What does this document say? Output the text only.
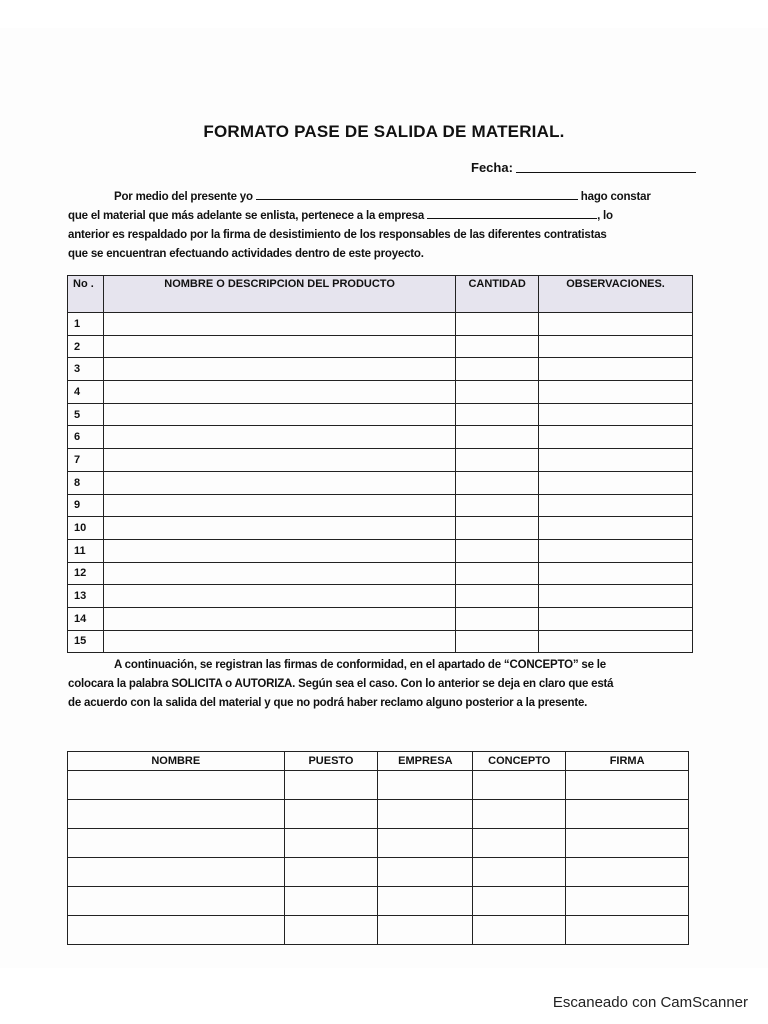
FORMATO PASE DE SALIDA DE MATERIAL.
Fecha:
Por medio del presente yo	hago constar
que el material que más adelante se enlista, pertenece a la empresa	, lo
anterior es respaldado por la firma de desistimiento de los responsables de las diferentes contratistas
que se encuentran efectuando actividades dentro de este proyecto.
No .	NOMBRE O DESCRIPCION DEL PRODUCTO	CANTIDAD	OBSERVACIONES.
1			
2			
3			
4			
5			
6			
7			
8			
9			
10			
11			
12			
13			
14			
15			
A continuación, se registran las firmas de conformidad, en el apartado de “CONCEPTO” se le
colocara la palabra SOLICITA o AUTORIZA. Según sea el caso. Con lo anterior se deja en claro que está
de acuerdo con la salida del material y que no podrá haber reclamo alguno posterior a la presente.
NOMBRE	PUESTO	EMPRESA	CONCEPTO	FIRMA

Escaneado con CamScanner
